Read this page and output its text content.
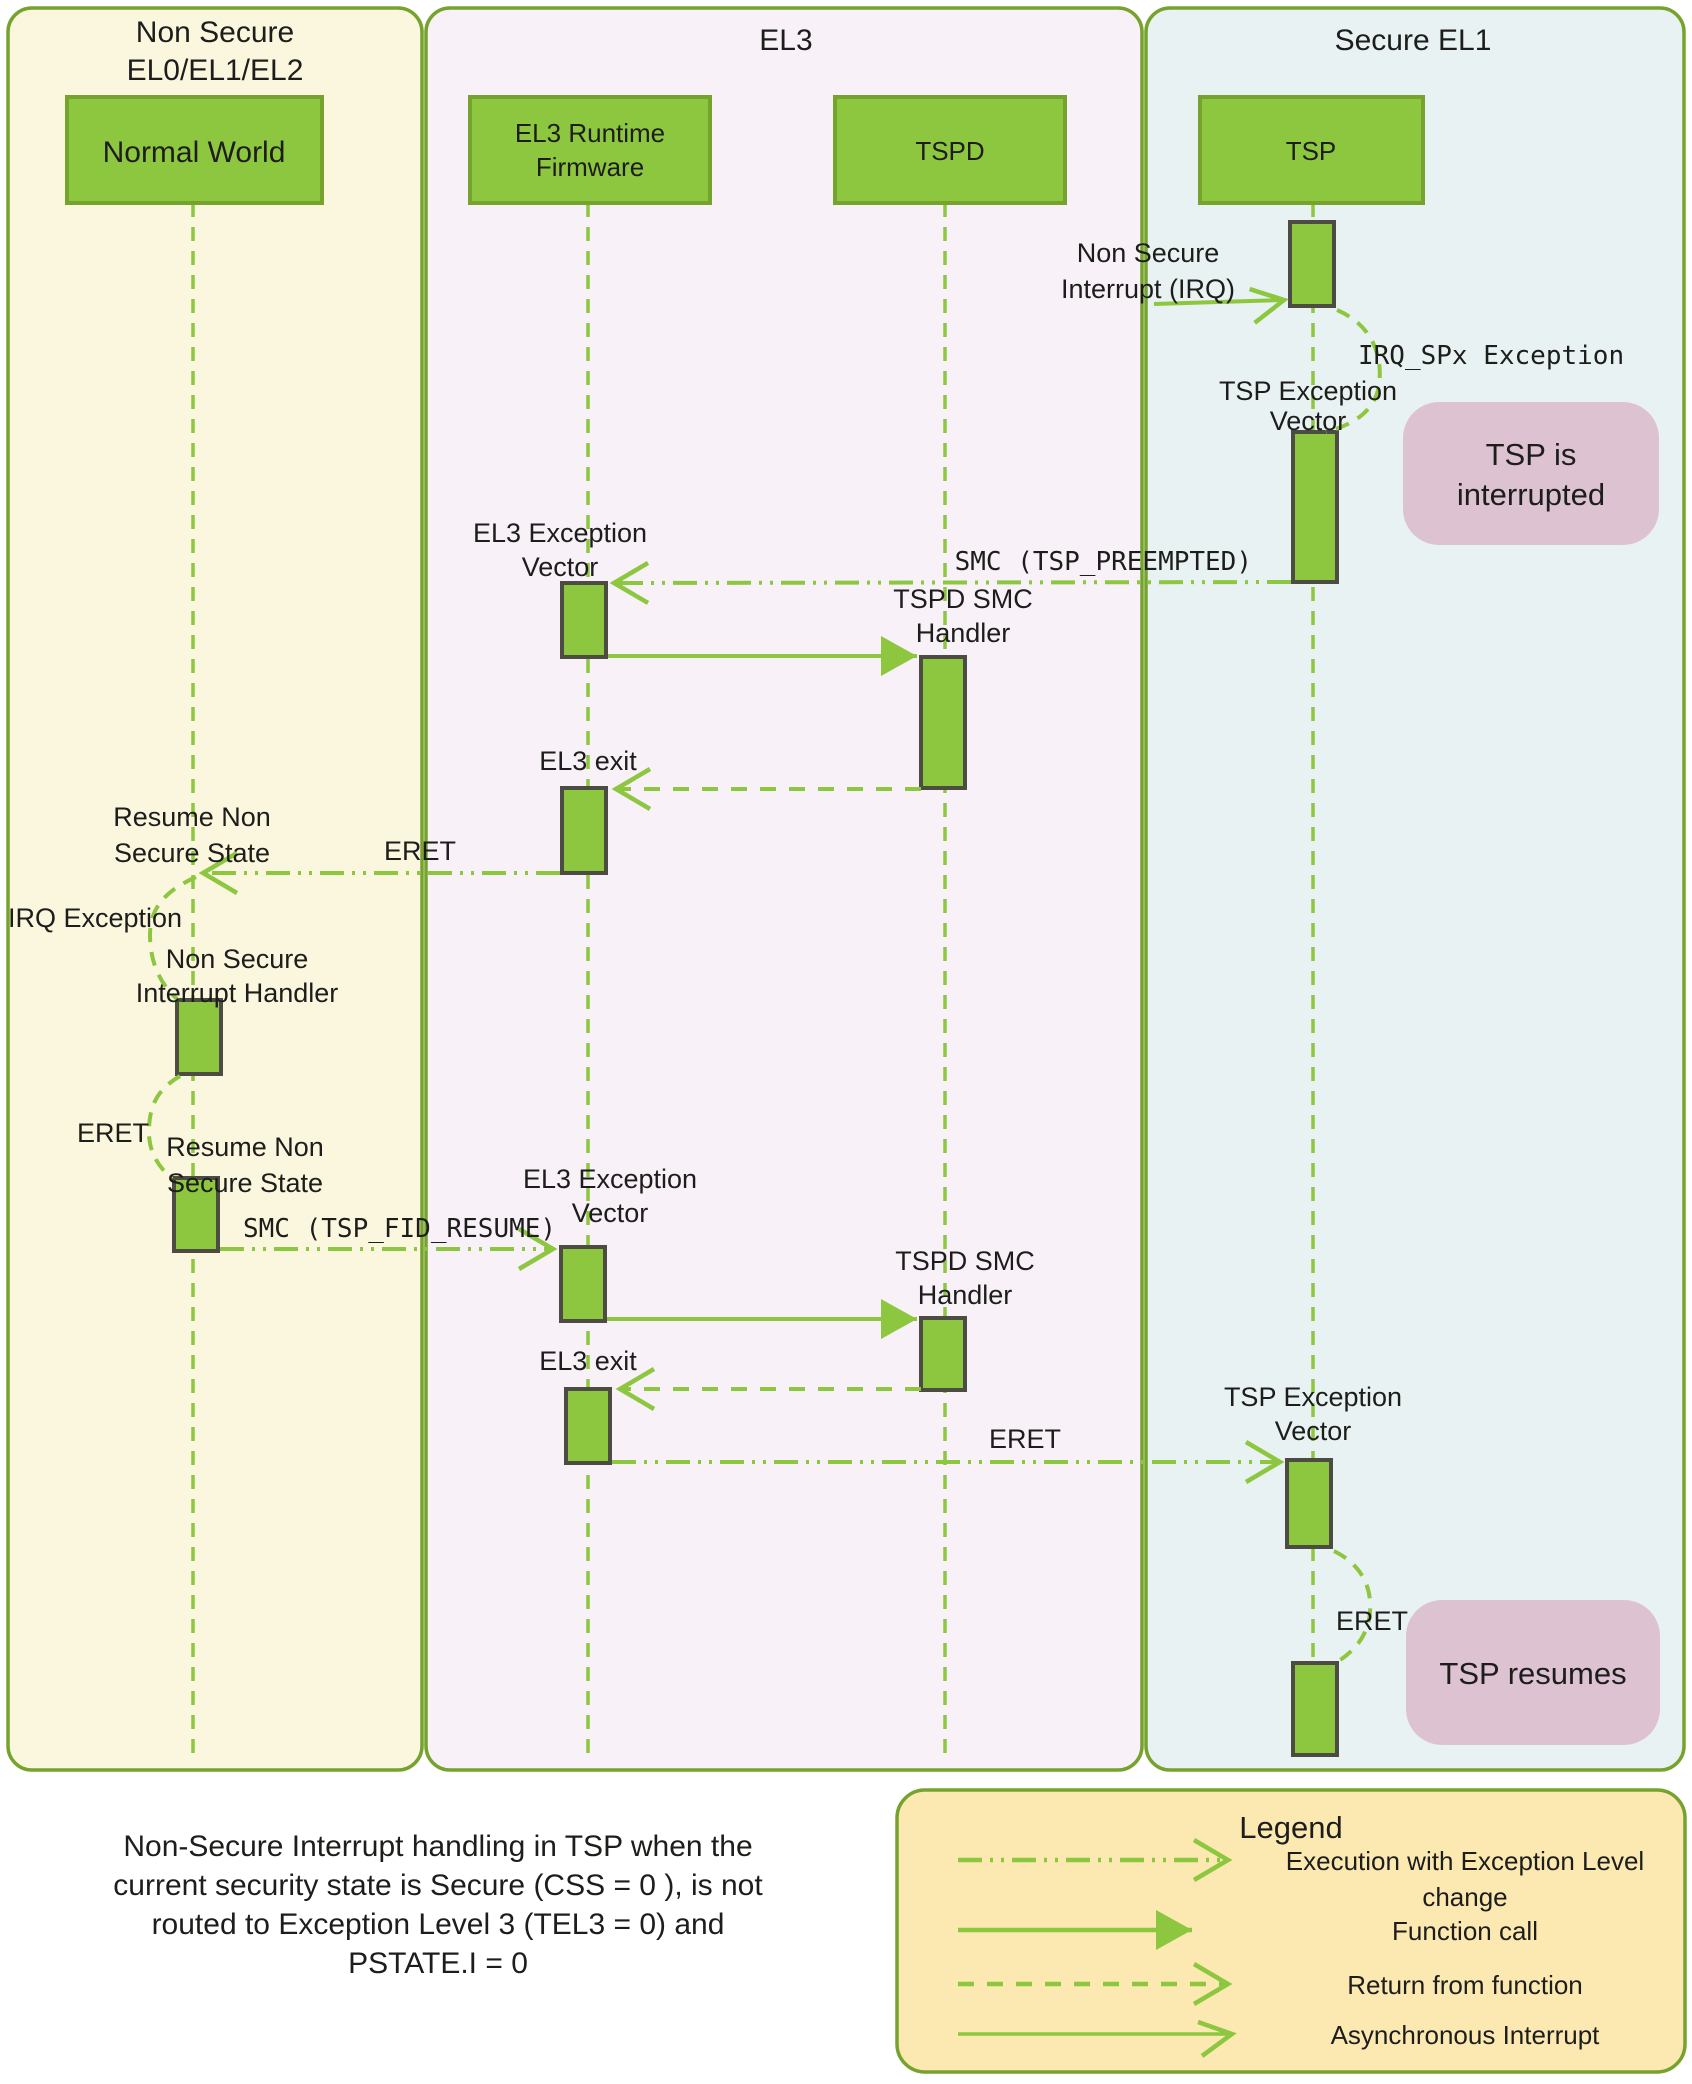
Non Secure
EL0/EL1/EL2
EL3	Secure EL1
Normal World
EL3 Runtime
Firmware
TSPD	TSP
Non Secure
Interrupt (IRQ)
IRQ_SPx Exception
TSP Exception
Vector
SMC (TSP_PREEMPTED)
EL3 Exception
Vector
TSPD SMC
Handler
EL3 exit
ERET
Resume Non
Secure State
IRQ Exception
Non Secure
Interrupt Handler
ERET Resume Non
Secure State
SMC (TSP_FID_RESUME)
EL3 Exception
Vector
TSPD SMC
Handler
EL3 exit
ERET
TSP Exception
Vector
ERET
TSP is
interrupted
TSP resumes
Non-Secure Interrupt handling in TSP when the
current security state is Secure (CSS = 0 ), is not
routed to Exception Level 3 (TEL3 = 0) and
PSTATE.I = 0
Legend
Execution with Exception Level
change
Function call
Return from function
Asynchronous Interrupt
